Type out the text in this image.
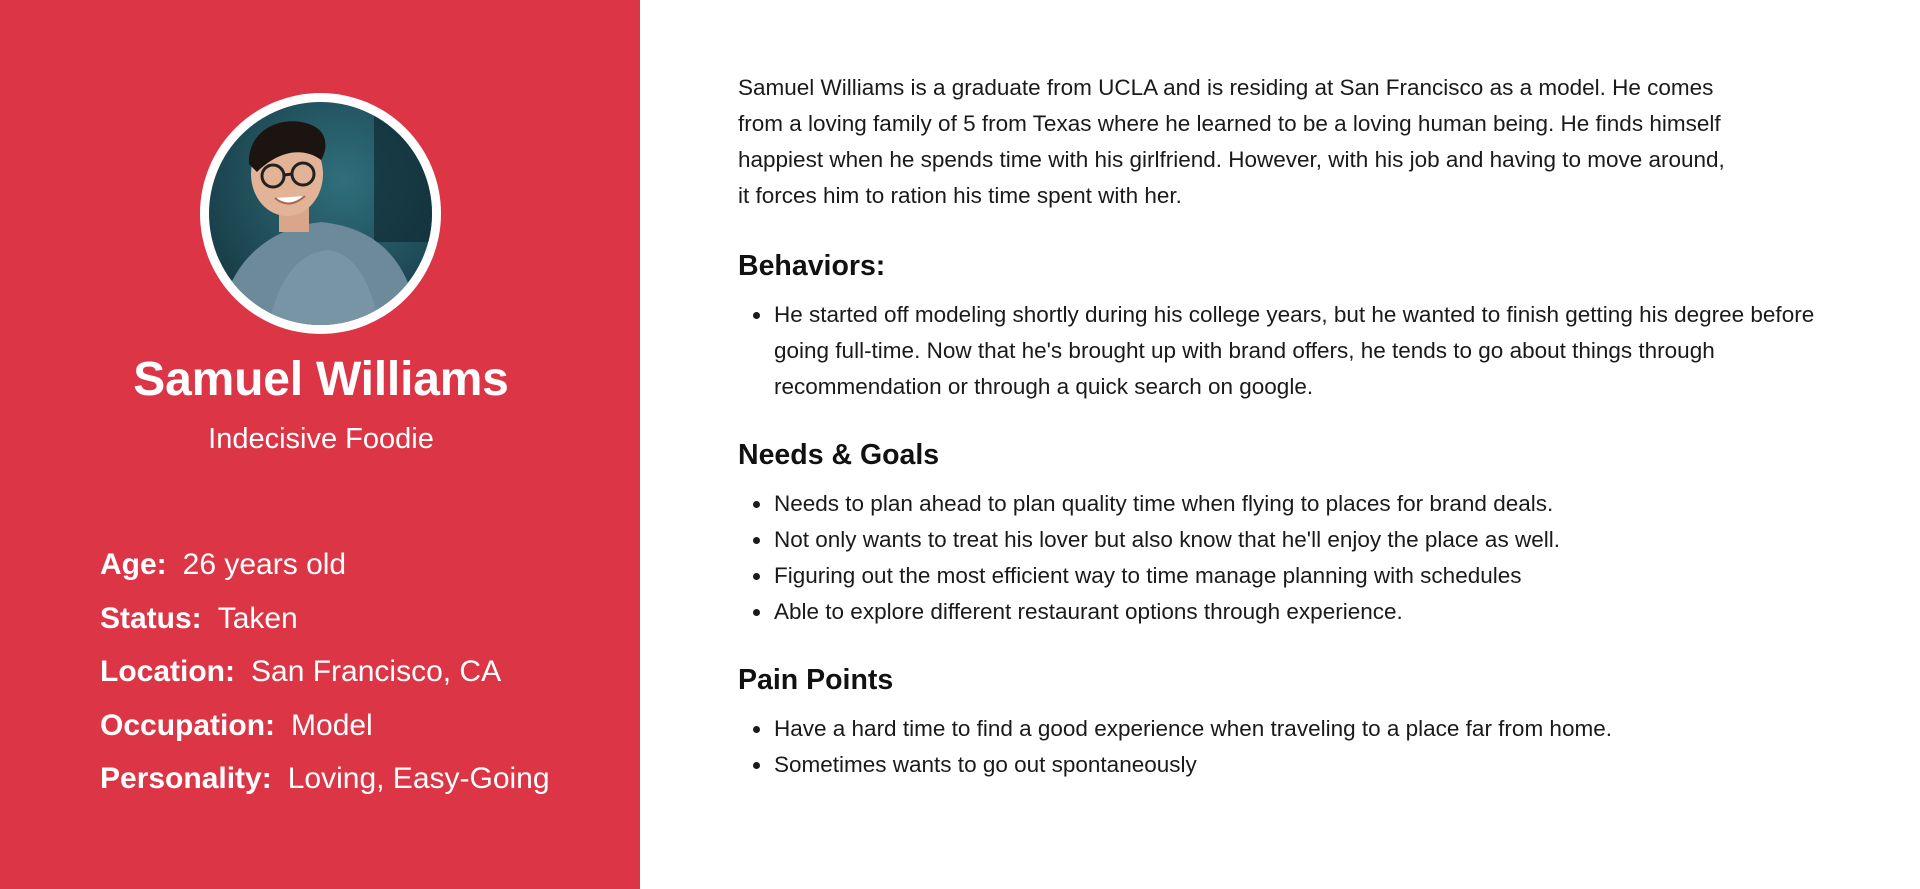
Samuel Williams
Indecisive Foodie
Age: 26 years old
Status: Taken
Location: San Francisco, CA
Occupation: Model
Personality: Loving, Easy-Going

Samuel Williams is a graduate from UCLA and is residing at San Francisco as a model. He comes from a loving family of 5 from Texas where he learned to be a loving human being. He finds himself happiest when he spends time with his girlfriend. However, with his job and having to move around, it forces him to ration his time spent with her.

Behaviors:
He started off modeling shortly during his college years, but he wanted to finish getting his degree before going full-time. Now that he's brought up with brand offers, he tends to go about things through recommendation or through a quick search on google.
Needs & Goals
Needs to plan ahead to plan quality time when flying to places for brand deals.
Not only wants to treat his lover but also know that he'll enjoy the place as well.
Figuring out the most efficient way to time manage planning with schedules
Able to explore different restaurant options through experience.
Pain Points
Have a hard time to find a good experience when traveling to a place far from home.
Sometimes wants to go out spontaneously
